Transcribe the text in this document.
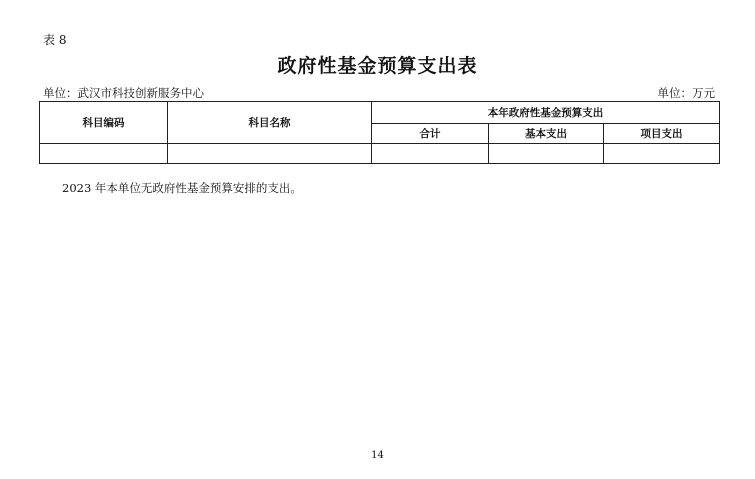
表 8
政府性基金预算支出表
单位：武汉市科技创新服务中心	单位：万元
科目编码	科目名称	本年政府性基金预算支出		
		合计	基本支出	项目支出

2023 年本单位无政府性基金预算安排的支出。
14
